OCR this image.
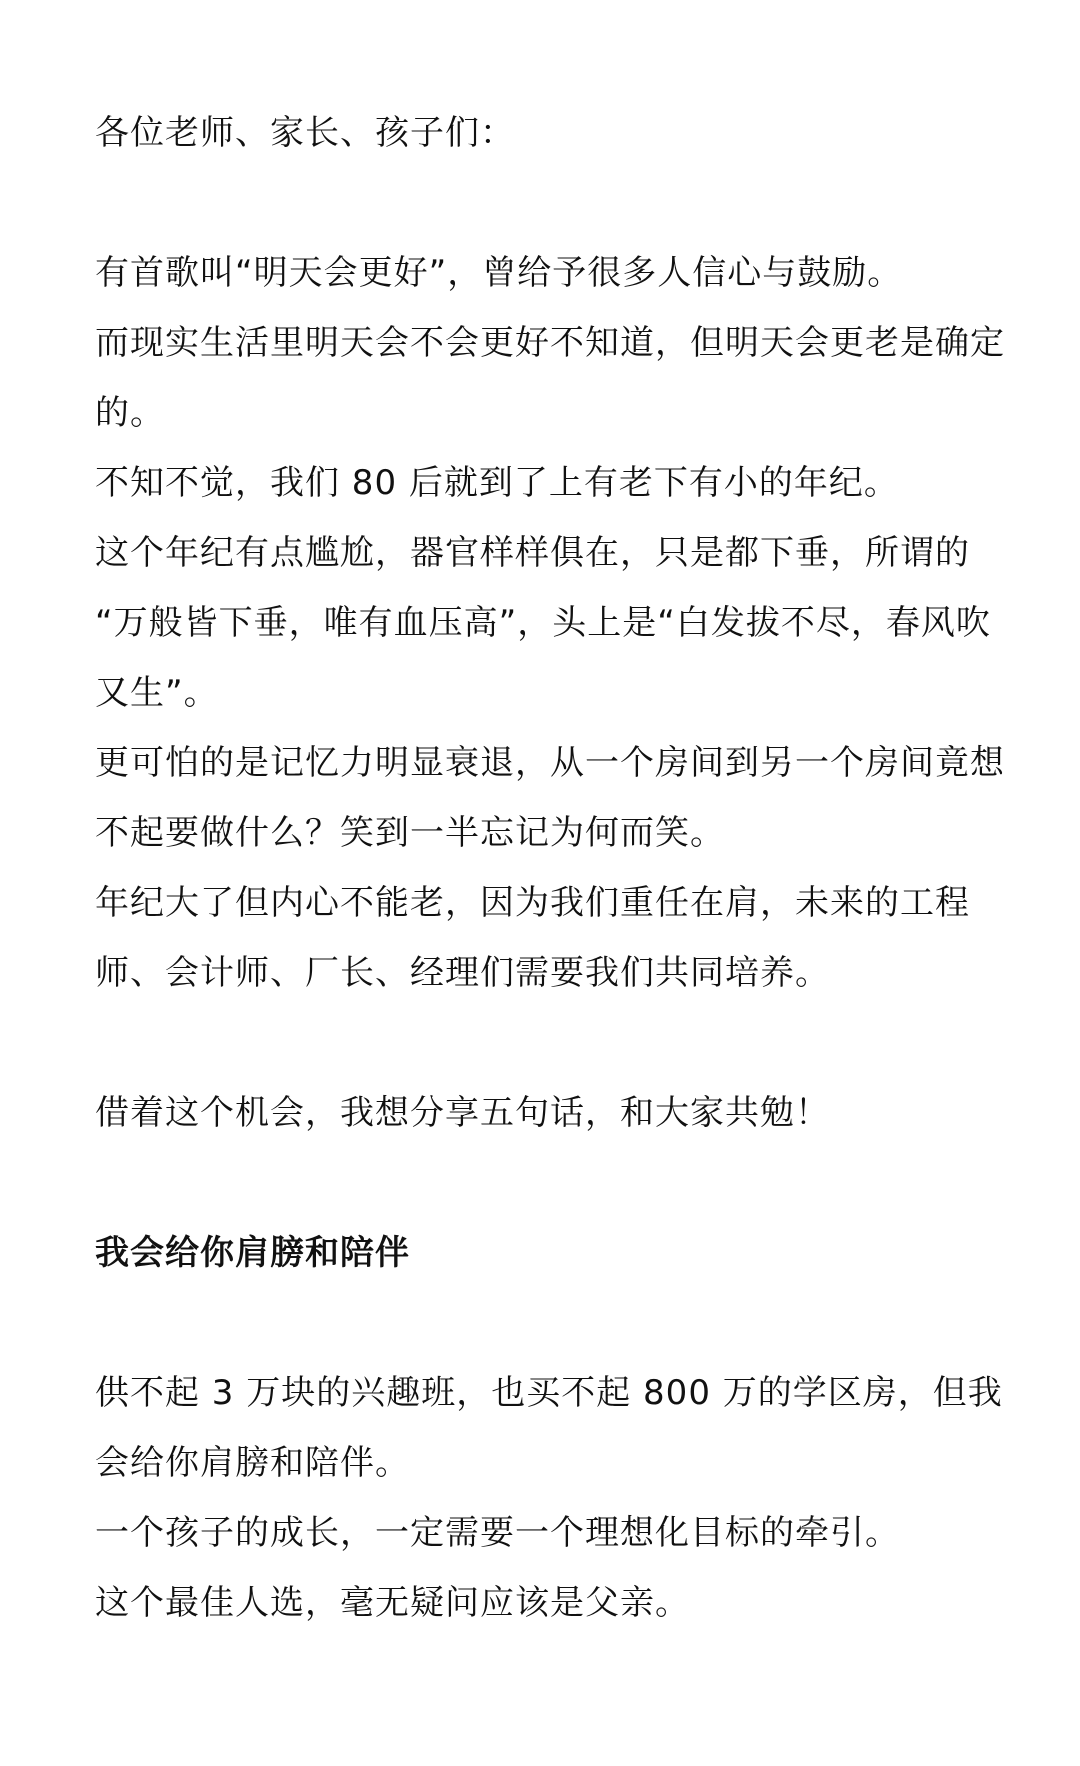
各位老师、家长、孩子们：

有首歌叫“明天会更好”，曾给予很多人信心与鼓励。

而现实生活里明天会不会更好不知道，但明天会更老是确定的。

不知不觉，我们 80 后就到了上有老下有小的年纪。

这个年纪有点尴尬，器官样样俱在，只是都下垂，所谓的 “万般皆下垂，唯有血压高”，头上是“白发拔不尽，春风吹又生”。

更可怕的是记忆力明显衰退，从一个房间到另一个房间竟想不起要做什么？笑到一半忘记为何而笑。

年纪大了但内心不能老，因为我们重任在肩，未来的工程师、会计师、厂长、经理们需要我们共同培养。

借着这个机会，我想分享五句话，和大家共勉！

我会给你肩膀和陪伴

供不起 3 万块的兴趣班，也买不起 800 万的学区房，但我会给你肩膀和陪伴。

一个孩子的成长，一定需要一个理想化目标的牵引。

这个最佳人选，毫无疑问应该是父亲。
